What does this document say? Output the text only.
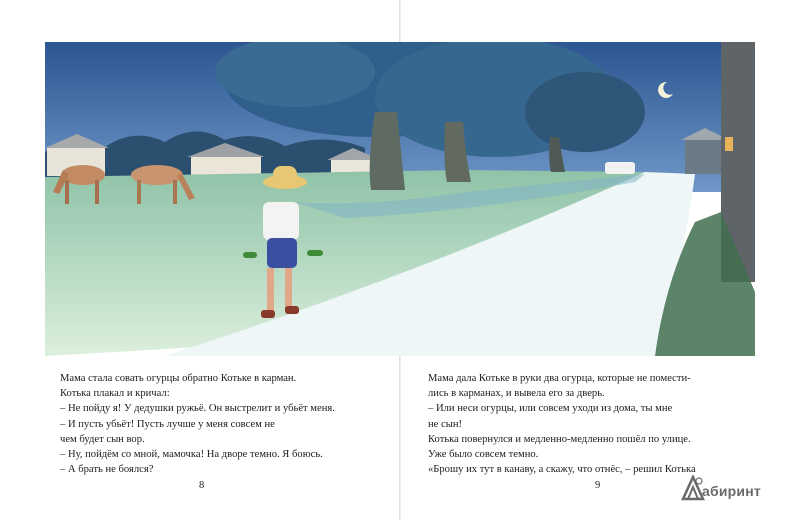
Мама стала совать огурцы обратно Котьке в карман.

Котька плакал и кричал:

– Не пойду я! У дедушки ружьё. Он выстрелит и убьёт меня.

– И пусть убьёт! Пусть лучше у меня совсем не

чем будет сын вор.

– Ну, пойдём со мной, мамочка! На дворе темно. Я боюсь.

– А брать не боялся?

Мама дала Котьке в руки два огурца, которые не помести-

лись в карманах, и вывела его за дверь.

– Или неси огурцы, или совсем уходи из дома, ты мне

не сын!

Котька повернулся и медленно-медленно пошёл по улице.

Уже было совсем темно.

«Брошу их тут в канаву, а скажу, что отнёс, – решил Котька

8	9	абиринт
